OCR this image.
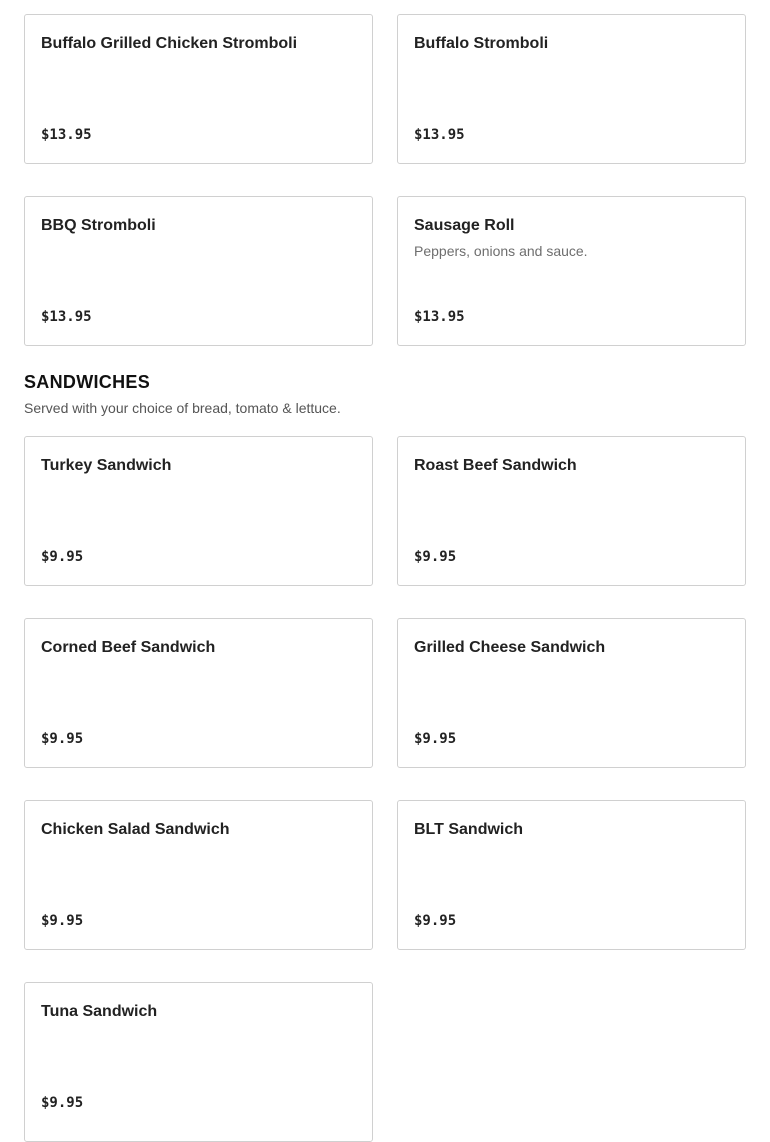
Buffalo Grilled Chicken Stromboli
$13.95
Buffalo Stromboli
$13.95
BBQ Stromboli
$13.95
Sausage Roll
Peppers, onions and sauce.
$13.95
SANDWICHES

Served with your choice of bread, tomato & lettuce.

Turkey Sandwich
$9.95
Roast Beef Sandwich
$9.95
Corned Beef Sandwich
$9.95
Grilled Cheese Sandwich
$9.95
Chicken Salad Sandwich
$9.95
BLT Sandwich
$9.95
Tuna Sandwich
$9.95
